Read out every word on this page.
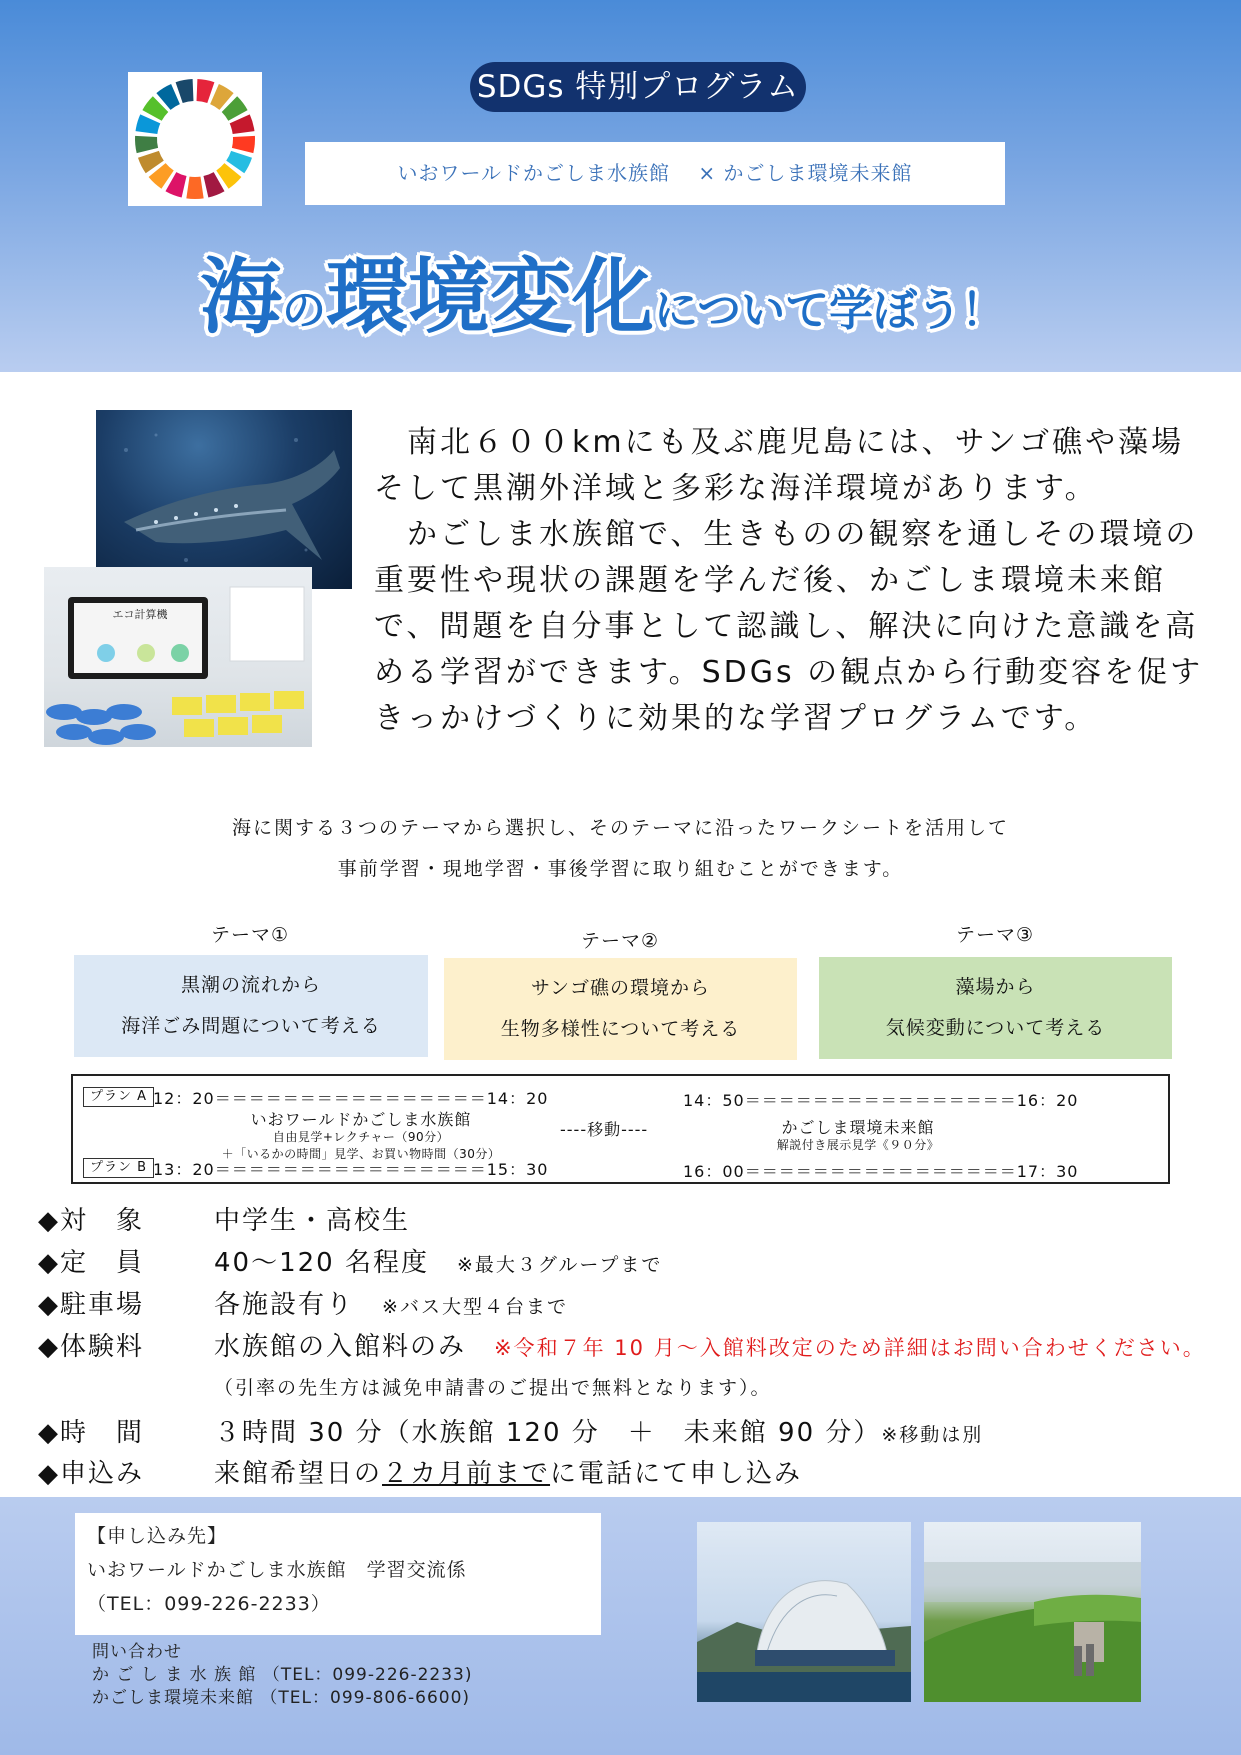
SDGs 特別プログラム
いおワールドかごしま水族館　 × かごしま環境未来館
海の環境変化について学ぼう！
エコ計算機

　南北６００kmにも及ぶ鹿児島には、サンゴ礁や藻場そして黒潮外洋域と多彩な海洋環境があります。

　かごしま水族館で、生きものの観察を通しその環境の重要性や現状の課題を学んだ後、かごしま環境未来館で、問題を自分事として認識し、解決に向けた意識を高める学習ができます。SDGs の観点から行動変容を促すきっかけづくりに効果的な学習プログラムです。

海に関する３つのテーマから選択し、そのテーマに沿ったワークシートを活用して
事前学習・現地学習・事後学習に取り組むことができます。
テーマ①	テーマ②	テーマ③
黒潮の流れから
海洋ごみ問題について考える
サンゴ礁の環境から
生物多様性について考える
藻場から
気候変動について考える
プラン A 12：20＝＝＝＝＝＝＝＝＝＝＝＝＝＝＝＝14：20
いおワールドかごしま水族館
自由見学+レクチャー（90分）
＋「いるかの時間」見学、お買い物時間（30分）
プラン B 13：20＝＝＝＝＝＝＝＝＝＝＝＝＝＝＝＝15：30
----移動----
14：50＝＝＝＝＝＝＝＝＝＝＝＝＝＝＝＝16：20
かごしま環境未来館
解説付き展示見学《９０分》
16：00＝＝＝＝＝＝＝＝＝＝＝＝＝＝＝＝17：30
◆対　象	中学生・高校生
◆定　員	40～120 名程度　 ※最大３グループまで
◆駐車場	各施設有り　 ※バス大型４台まで
◆体験料	水族館の入館料のみ　 ※令和７年 10 月～入館料改定のため詳細はお問い合わせください。
（引率の先生方は減免申請書のご提出で無料となります）。
◆時　間	３時間 30 分（水族館 120 分　＋　未来館 90 分）※移動は別
◆申込み	来館希望日の２カ月前までに電話にて申し込み
【申し込み先】
いおワールドかごしま水族館　学習交流係
（TEL：099-226-2233）
問い合わせ
か ご し ま 水 族 館 （TEL：099-226-2233)
かごしま環境未来館 （TEL：099-806-6600)
